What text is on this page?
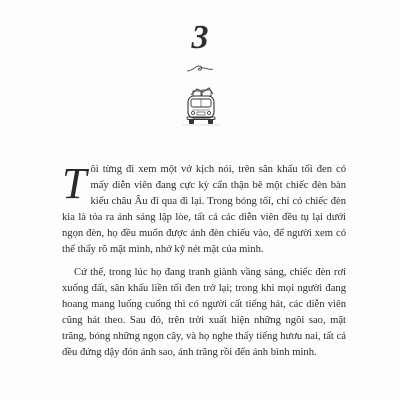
3

Tôi từng đi xem một vở kịch nói, trên sân khấu tối đen có mấy diễn viên đang cực kỳ cẩn thận bê một chiếc đèn bàn kiểu châu Âu đi qua đi lại. Trong bóng tối, chỉ có chiếc đèn kia là tỏa ra ánh sáng lập lòe, tất cả các diễn viên đều tụ lại dưới ngọn đèn, họ đều muốn được ánh đèn chiếu vào, để người xem có thể thấy rõ mặt mình, nhớ kỹ nét mặt của mình.

Cứ thế, trong lúc họ đang tranh giành vầng sáng, chiếc đèn rơi xuống đất, sân khấu liền tối đen trở lại; trong khi mọi người đang hoang mang luống cuống thì có người cất tiếng hát, các diễn viên cũng hát theo. Sau đó, trên trời xuất hiện những ngôi sao, mặt trăng, bóng những ngọn cây, và họ nghe thấy tiếng hươu nai, tất cả đều đứng dậy đón ánh sao, ánh trăng rồi đến ánh bình minh.
